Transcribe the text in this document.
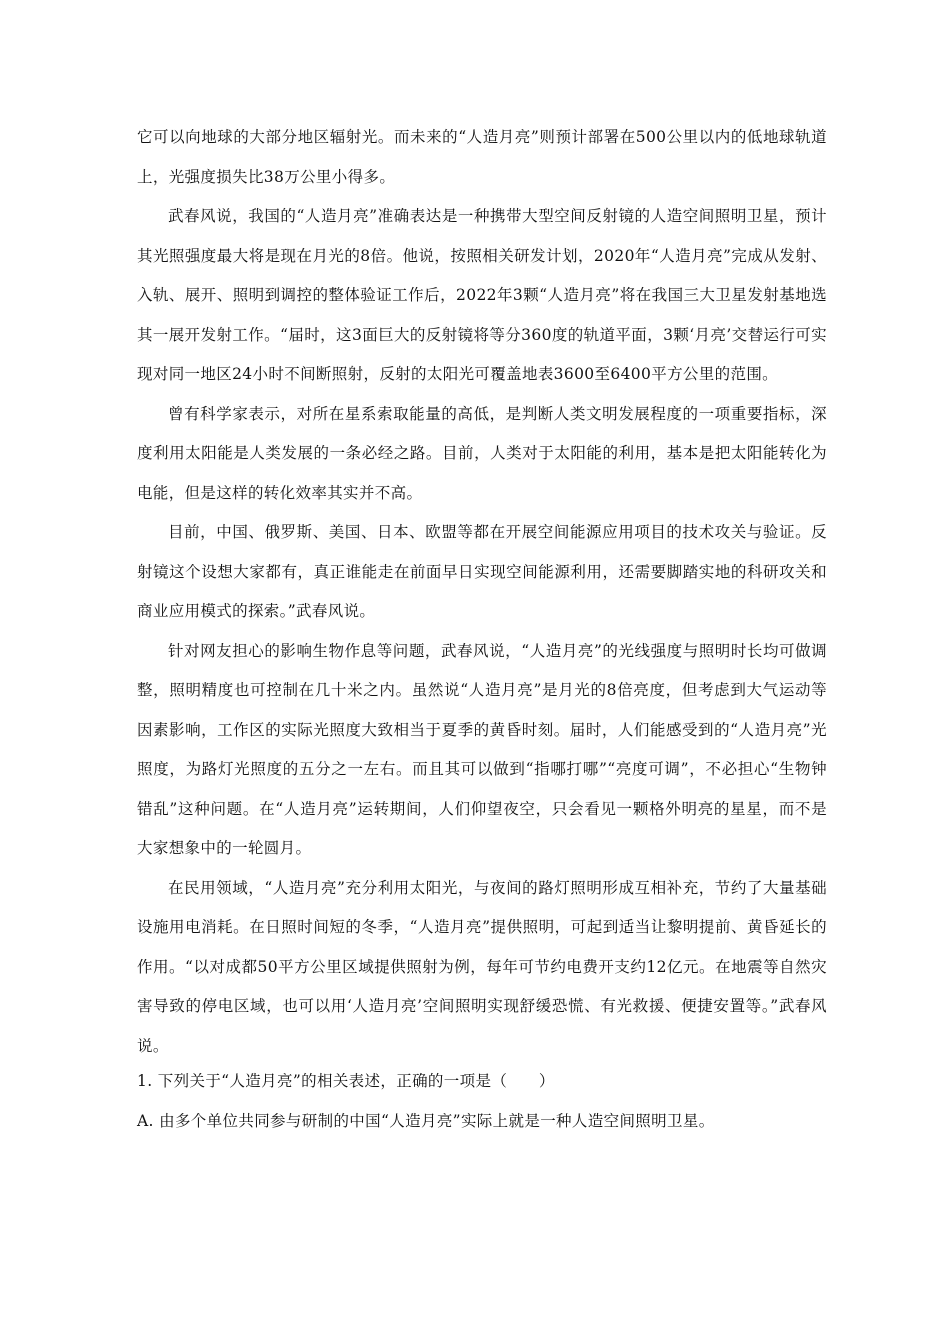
它可以向地球的大部分地区辐射光。而未来的“人造月亮”则预计部署在500公里以内的低地球轨道上，光强度损失比38万公里小得多。

武春风说，我国的“人造月亮”准确表达是一种携带大型空间反射镜的人造空间照明卫星，预计其光照强度最大将是现在月光的8倍。他说，按照相关研发计划，2020年“人造月亮”完成从发射、入轨、展开、照明到调控的整体验证工作后，2022年3颗“人造月亮”将在我国三大卫星发射基地选其一展开发射工作。“届时，这3面巨大的反射镜将等分360度的轨道平面，3颗‘月亮’交替运行可实现对同一地区24小时不间断照射，反射的太阳光可覆盖地表3600至6400平方公里的范围。

曾有科学家表示，对所在星系索取能量的高低，是判断人类文明发展程度的一项重要指标，深度利用太阳能是人类发展的一条必经之路。目前，人类对于太阳能的利用，基本是把太阳能转化为电能，但是这样的转化效率其实并不高。

目前，中国、俄罗斯、美国、日本、欧盟等都在开展空间能源应用项目的技术攻关与验证。反射镜这个设想大家都有，真正谁能走在前面早日实现空间能源利用，还需要脚踏实地的科研攻关和商业应用模式的探索。”武春风说。

针对网友担心的影响生物作息等问题，武春风说，“人造月亮”的光线强度与照明时长均可做调整，照明精度也可控制在几十米之内。虽然说“人造月亮”是月光的8倍亮度，但考虑到大气运动等因素影响，工作区的实际光照度大致相当于夏季的黄昏时刻。届时，人们能感受到的“人造月亮”光照度，为路灯光照度的五分之一左右。而且其可以做到“指哪打哪”“亮度可调”，不必担心“生物钟错乱”这种问题。在“人造月亮”运转期间，人们仰望夜空，只会看见一颗格外明亮的星星，而不是大家想象中的一轮圆月。

在民用领域，“人造月亮”充分利用太阳光，与夜间的路灯照明形成互相补充，节约了大量基础设施用电消耗。在日照时间短的冬季，“人造月亮”提供照明，可起到适当让黎明提前、黄昏延长的作用。“以对成都50平方公里区域提供照射为例，每年可节约电费开支约12亿元。在地震等自然灾害导致的停电区域，也可以用‘人造月亮’空间照明实现舒缓恐慌、有光救援、便捷安置等。”武春风说。

1. 下列关于“人造月亮”的相关表述，正确的一项是（　　）

A. 由多个单位共同参与研制的中国“人造月亮”实际上就是一种人造空间照明卫星。
